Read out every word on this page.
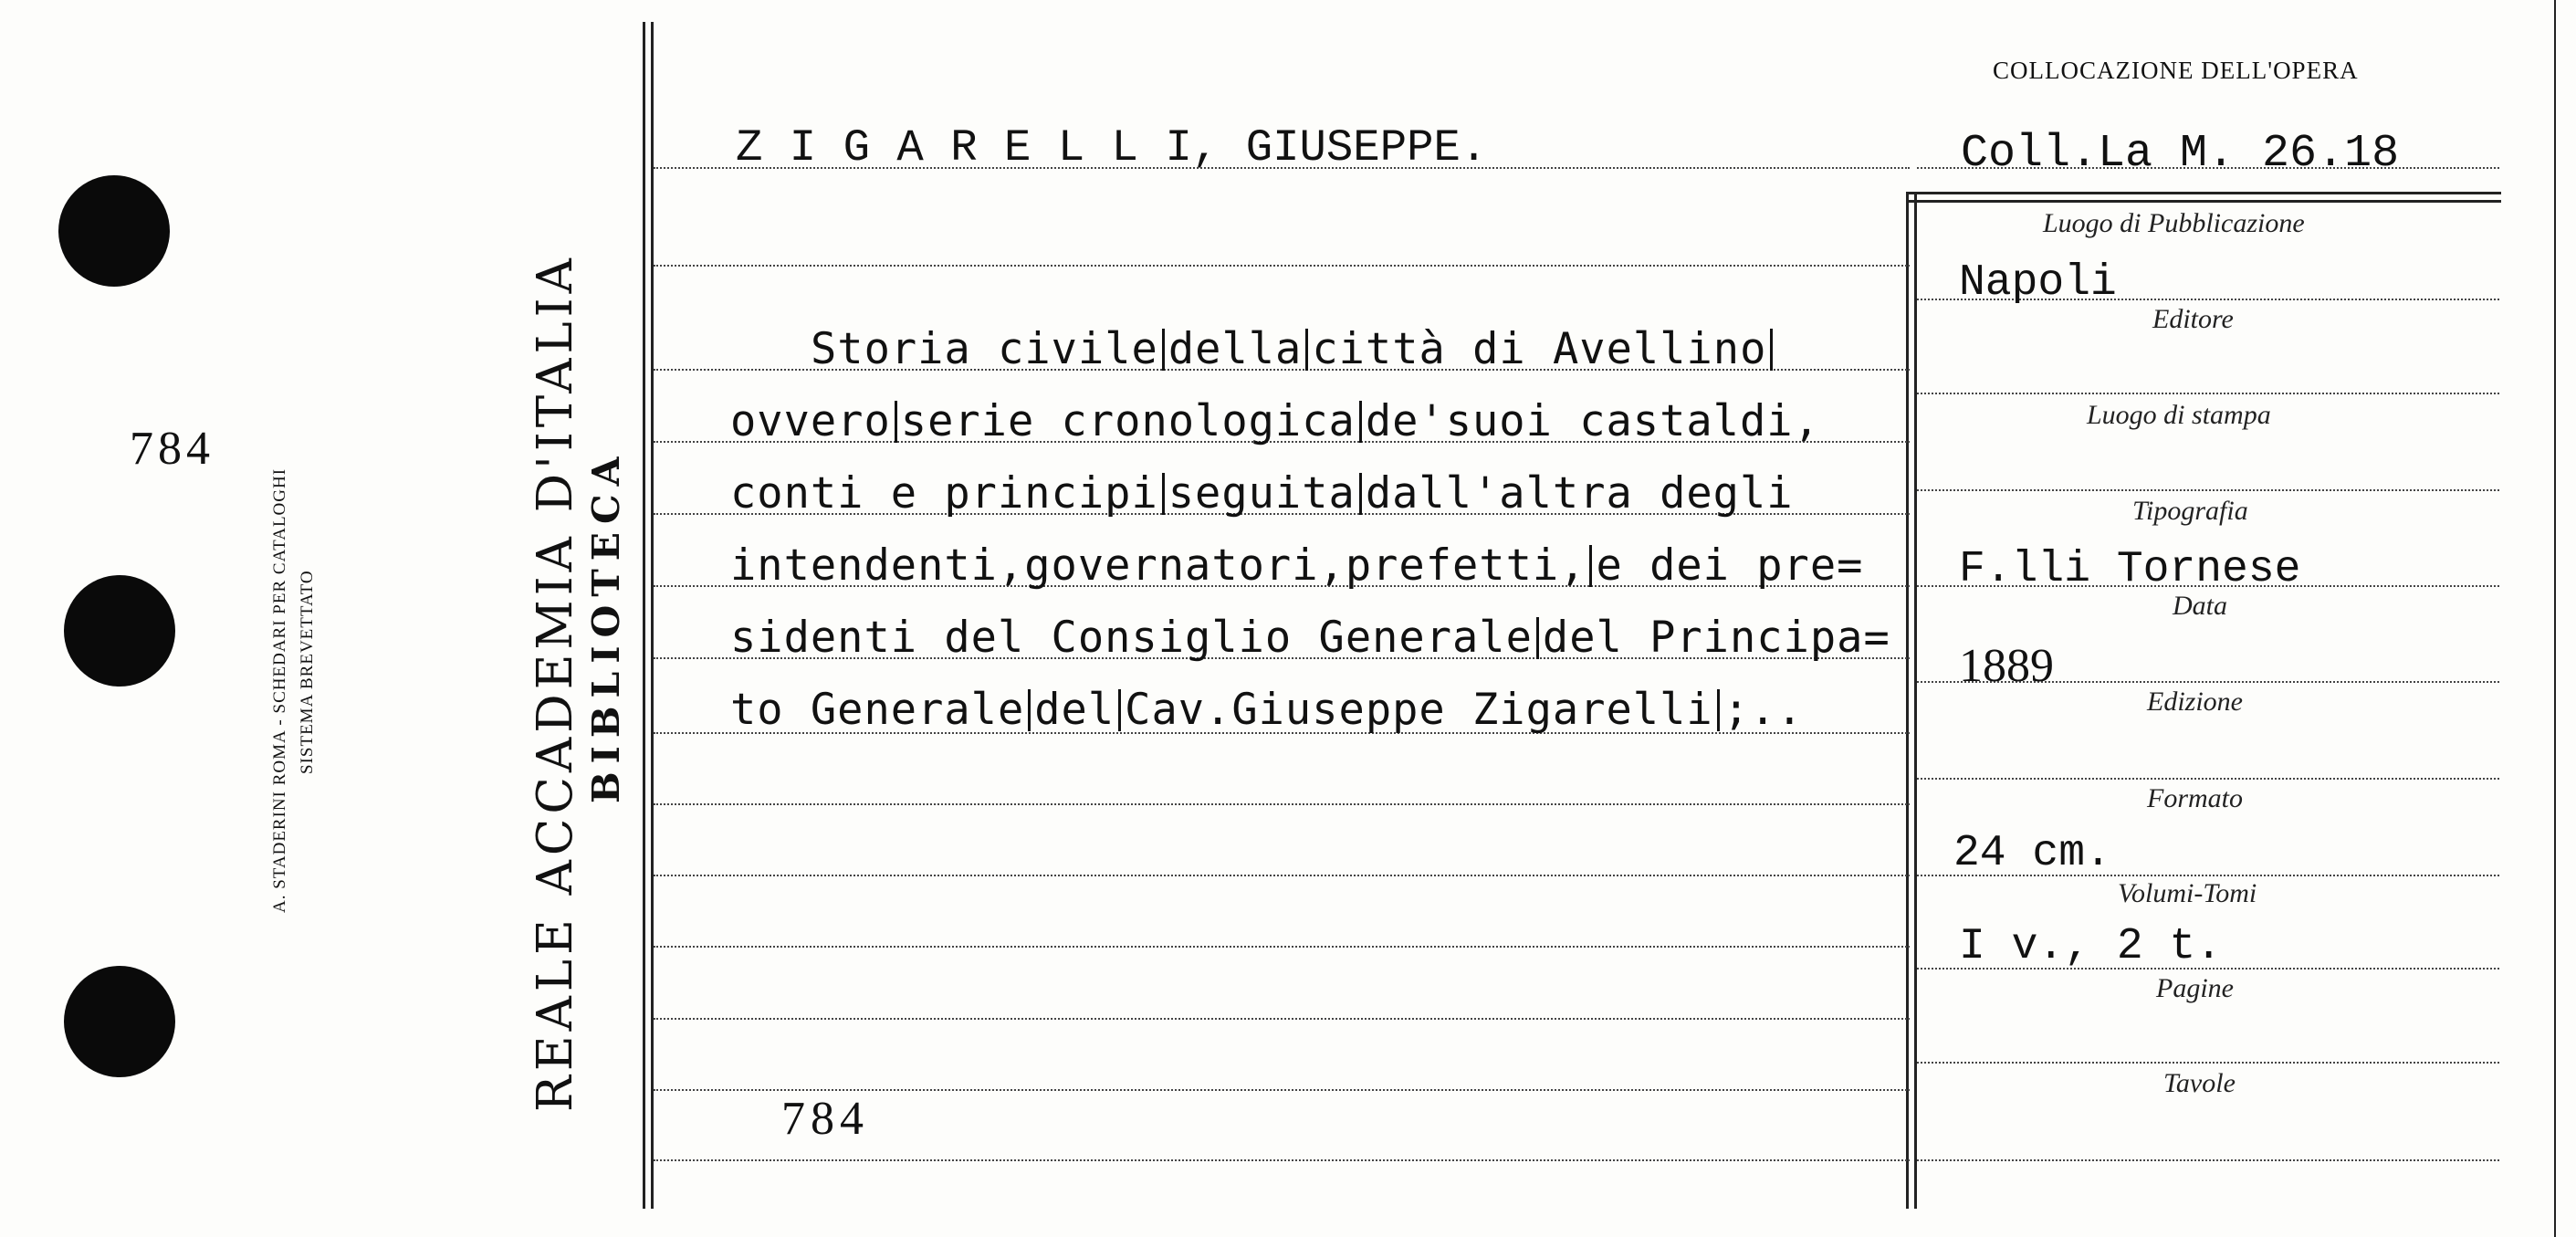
784
A. STADERINI ROMA - SCHEDARI PER CATALOGHI SISTEMA BREVETTATO	REALE ACCADEMIA D'ITALIA BIBLIOTECA
Z I G A R E L L I, GIUSEPPE.
Storia civile della città di Avellino
ovvero serie cronologica de'suoi castaldi,
conti e principi seguita dall'altra degli
intendenti,governatori,prefetti, e dei pre=
sidenti del Consiglio Generale del Principa=
to Generale del Cav.Giuseppe Zigarelli ;..
784
COLLOCAZIONE DELL'OPERA
Coll.La M. 26.18
Luogo di Pubblicazione
Napoli
Editore
Luogo di stampa
Tipografia
F.lli Tornese
Data
1889
Edizione
Formato
24 cm.
Volumi-Tomi
I v., 2 t.
Pagine
Tavole
